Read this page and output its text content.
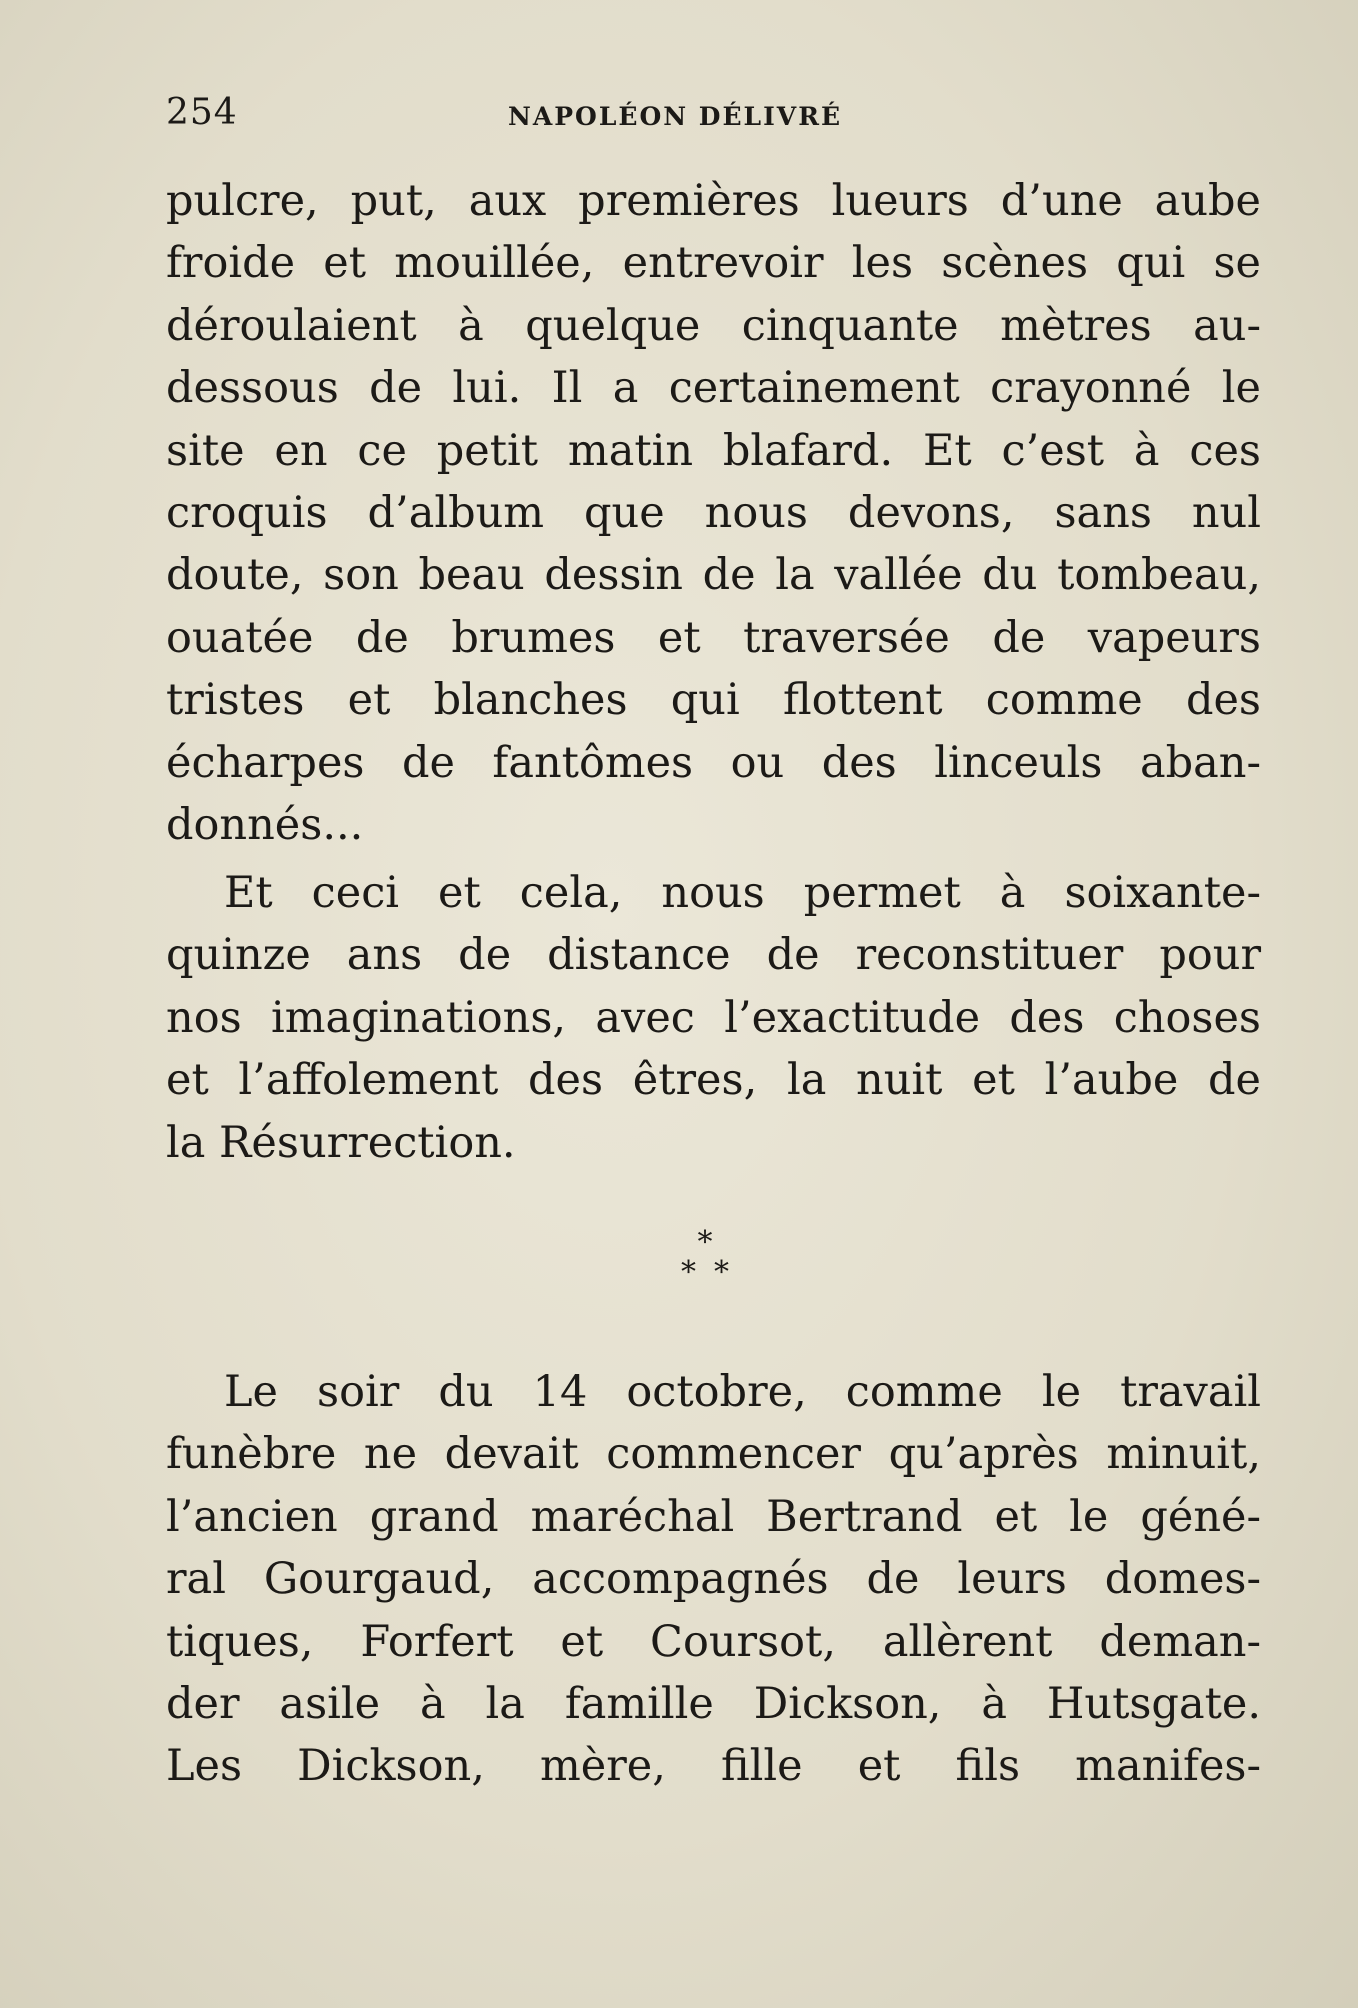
254	NAPOLÉON DÉLIVRÉ
pulcre, put, aux premières lueurs d’une aube
froide et mouillée, entrevoir les scènes qui se
déroulaient à quelque cinquante mètres au-
dessous de lui. Il a certainement crayonné le
site en ce petit matin blafard. Et c’est à ces
croquis d’album que nous devons, sans nul
doute, son beau dessin de la vallée du tombeau,
ouatée de brumes et traversée de vapeurs
tristes et blanches qui flottent comme des
écharpes de fantômes ou des linceuls aban-
donnés...
Et ceci et cela, nous permet à soixante-
quinze ans de distance de reconstituer pour
nos imaginations, avec l’exactitude des choses
et l’affolement des êtres, la nuit et l’aube de
la Résurrection.
*
**
Le soir du 14 octobre, comme le travail
funèbre ne devait commencer qu’après minuit,
l’ancien grand maréchal Bertrand et le géné-
ral Gourgaud, accompagnés de leurs domes-
tiques, Forfert et Coursot, allèrent deman-
der asile à la famille Dickson, à Hutsgate.
Les Dickson, mère, fille et fils manifes-
